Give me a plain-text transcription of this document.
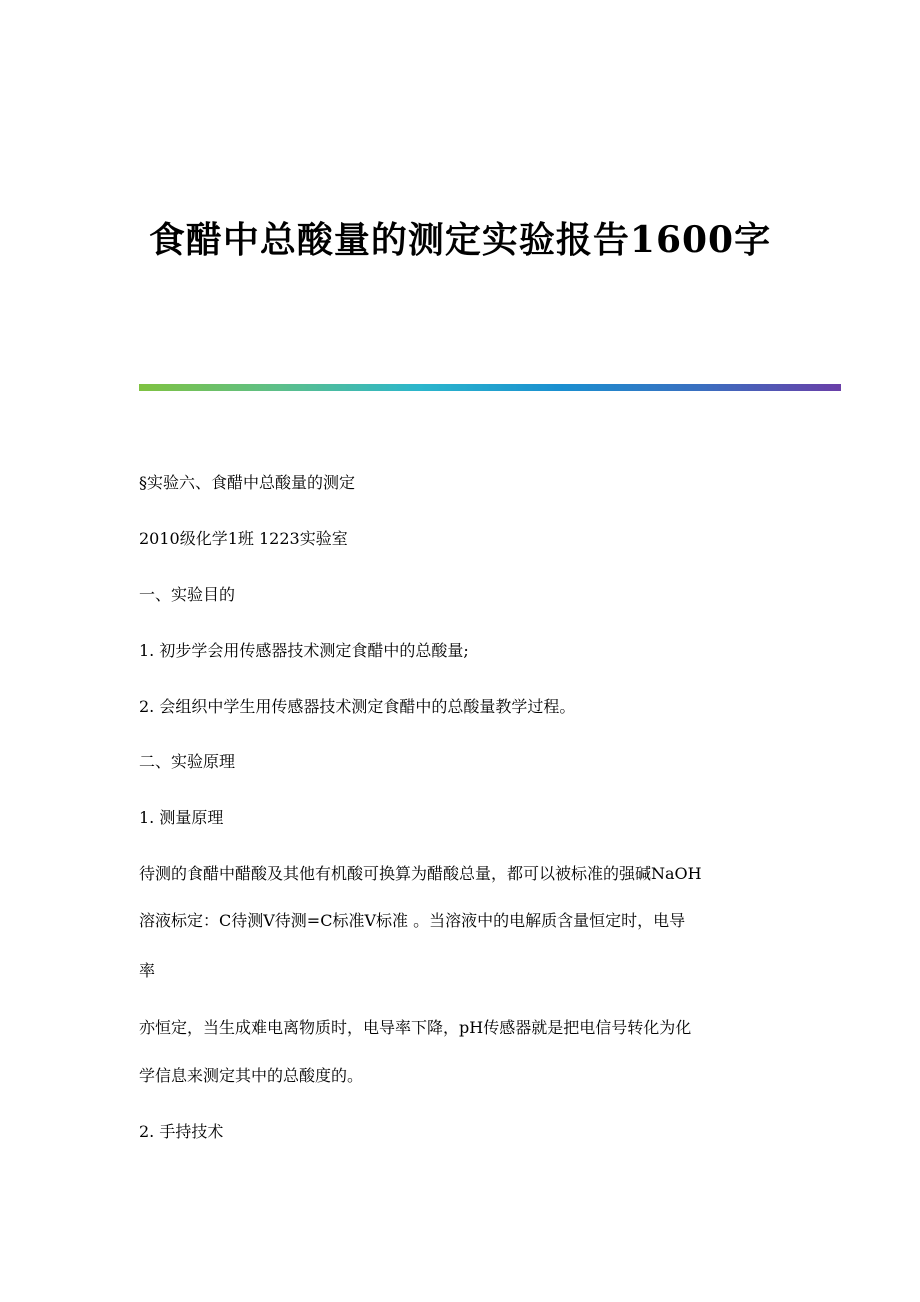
食醋中总酸量的测定实验报告1600字

§实验六、食醋中总酸量的测定

2010级化学1班 1223实验室

一、实验目的

1. 初步学会用传感器技术测定食醋中的总酸量;

2. 会组织中学生用传感器技术测定食醋中的总酸量教学过程。

二、实验原理

1. 测量原理

待测的食醋中醋酸及其他有机酸可换算为醋酸总量，都可以被标准的强碱NaOH

溶液标定：C待测V待测=C标准V标准 。当溶液中的电解质含量恒定时，电导

率

亦恒定，当生成难电离物质时，电导率下降，pH传感器就是把电信号转化为化

学信息来测定其中的总酸度的。

2. 手持技术
